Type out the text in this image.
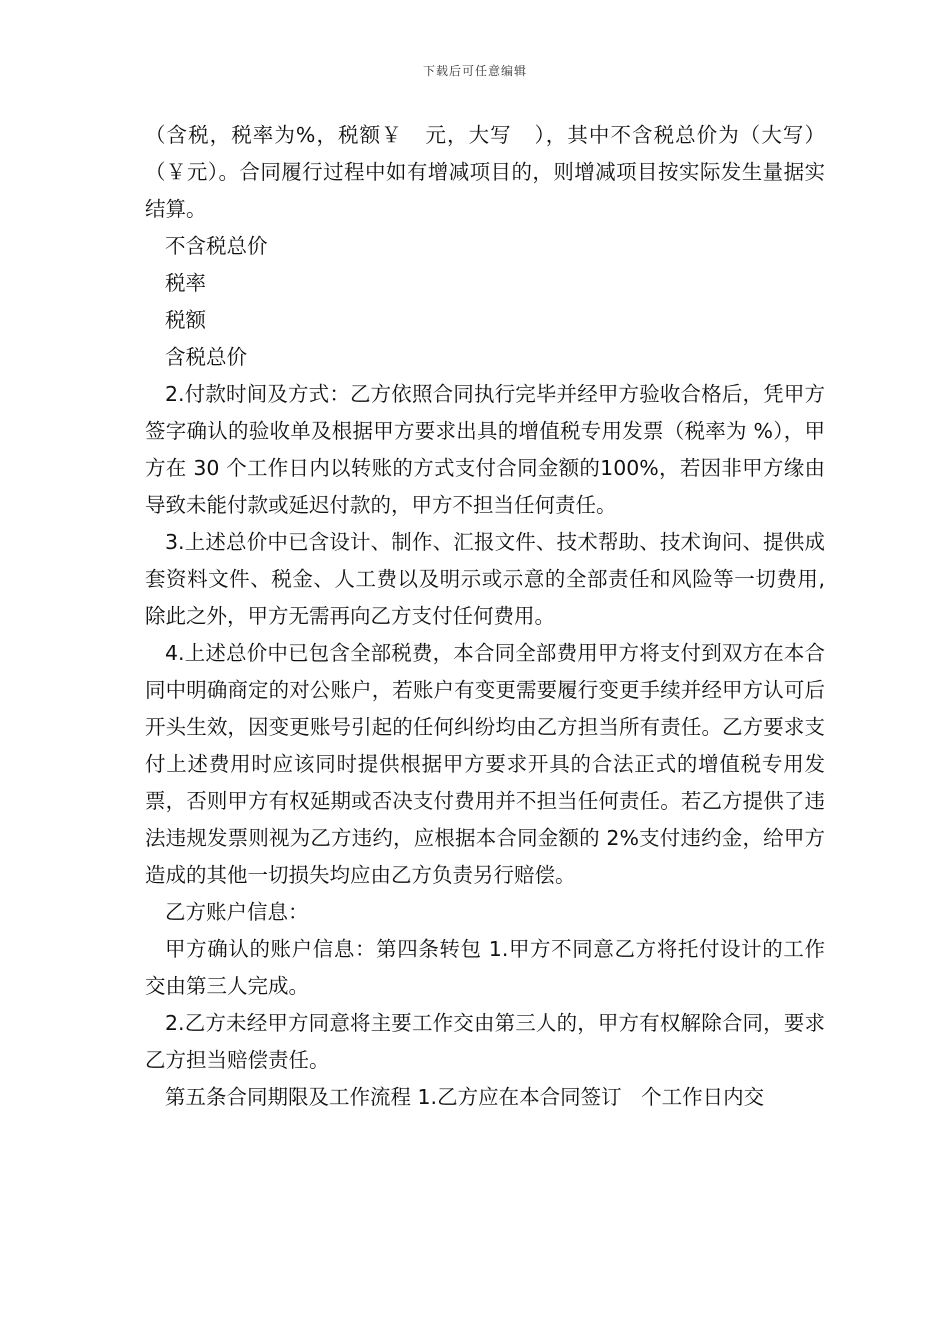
下载后可任意编辑

（含税，税率为%，税额￥   元，大写   ），其中不含税总价为（大写）   （￥元）。合同履行过程中如有增减项目的，则增减项目按实际发生量据实结算。

不含税总价

税率

税额

含税总价

2.付款时间及方式：乙方依照合同执行完毕并经甲方验收合格后，凭甲方签字确认的验收单及根据甲方要求出具的增值税专用发票（税率为 %），甲方在 30 个工作日内以转账的方式支付合同金额的100%，若因非甲方缘由导致未能付款或延迟付款的，甲方不担当任何责任。

3.上述总价中已含设计、制作、汇报文件、技术帮助、技术询问、提供成套资料文件、税金、人工费以及明示或示意的全部责任和风险等一切费用,除此之外，甲方无需再向乙方支付任何费用。

4.上述总价中已包含全部税费，本合同全部费用甲方将支付到双方在本合同中明确商定的对公账户，若账户有变更需要履行变更手续并经甲方认可后开头生效，因变更账号引起的任何纠纷均由乙方担当所有责任。乙方要求支付上述费用时应该同时提供根据甲方要求开具的合法正式的增值税专用发票，否则甲方有权延期或否决支付费用并不担当任何责任。若乙方提供了违法违规发票则视为乙方违约，应根据本合同金额的 2%支付违约金，给甲方造成的其他一切损失均应由乙方负责另行赔偿。

乙方账户信息：

甲方确认的账户信息：第四条转包 1.甲方不同意乙方将托付设计的工作交由第三人完成。

2.乙方未经甲方同意将主要工作交由第三人的，甲方有权解除合同，要求乙方担当赔偿责任。

第五条合同期限及工作流程 1.乙方应在本合同签订   个工作日内交
